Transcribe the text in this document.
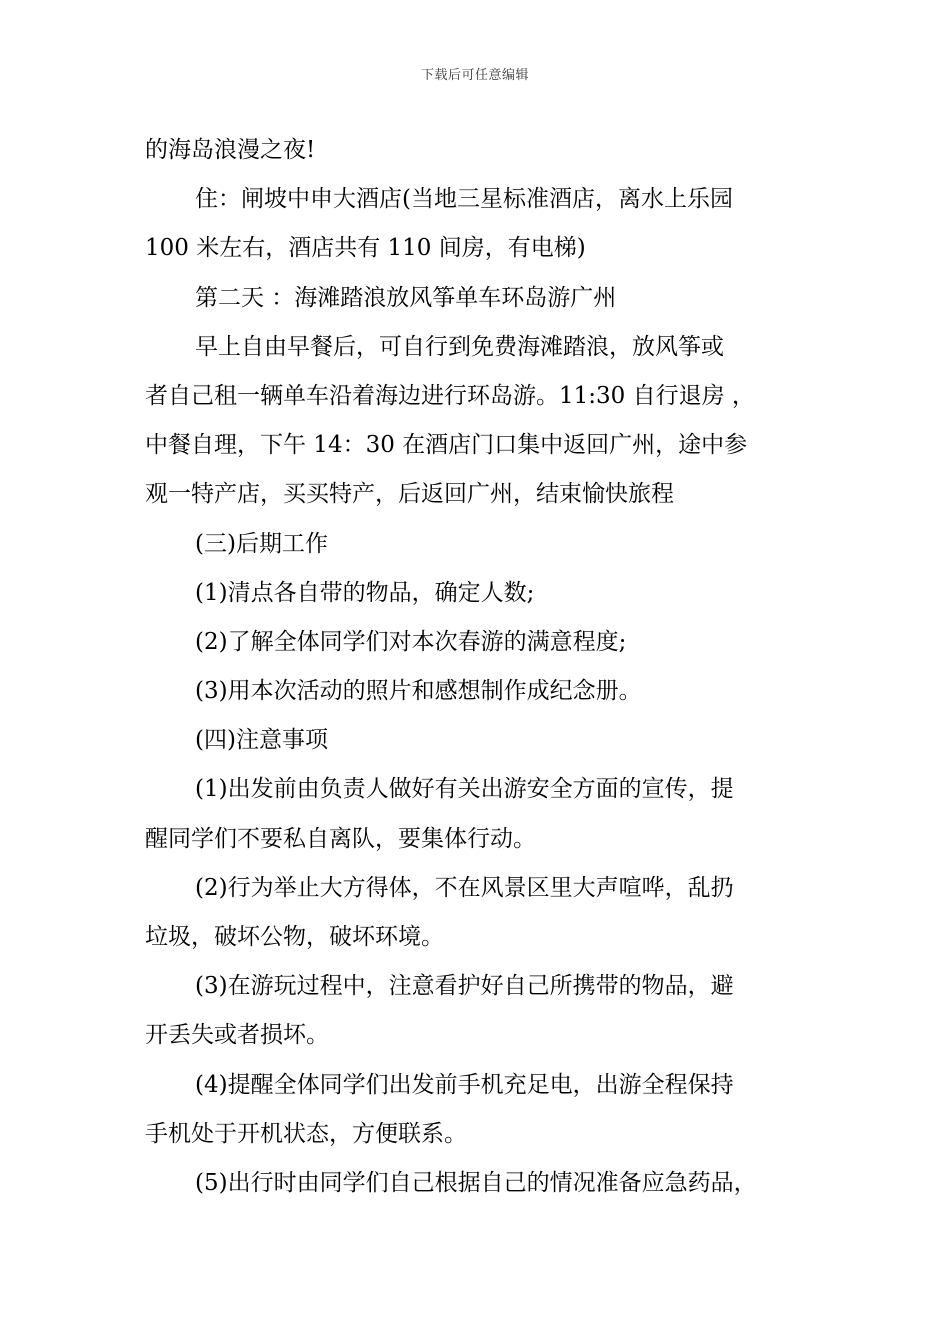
下载后可任意编辑
的海岛浪漫之夜!
住：闸坡中申大酒店(当地三星标准酒店，离水上乐园
100 米左右，酒店共有 110 间房，有电梯)
第二天 ：海滩踏浪放风筝单车环岛游广州
早上自由早餐后，可自行到免费海滩踏浪，放风筝或
者自己租一辆单车沿着海边进行环岛游。11:30 自行退房 ，
中餐自理，下午 14：30 在酒店门口集中返回广州，途中参
观一特产店，买买特产，后返回广州，结束愉快旅程
(三)后期工作
(1)清点各自带的物品，确定人数;
(2)了解全体同学们对本次春游的满意程度;
(3)用本次活动的照片和感想制作成纪念册。
(四)注意事项
(1)出发前由负责人做好有关出游安全方面的宣传，提
醒同学们不要私自离队，要集体行动。
(2)行为举止大方得体，不在风景区里大声喧哗，乱扔
垃圾，破坏公物，破坏环境。
(3)在游玩过程中，注意看护好自己所携带的物品，避
开丢失或者损坏。
(4)提醒全体同学们出发前手机充足电，出游全程保持
手机处于开机状态，方便联系。
(5)出行时由同学们自己根据自己的情况准备应急药品，
